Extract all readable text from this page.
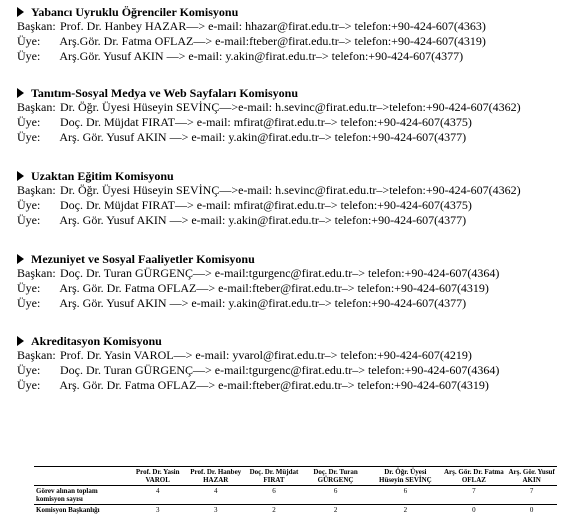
Yabancı Uyruklu Öğrenciler Komisyonu
Başkan: Prof. Dr. Hanbey HAZAR—> e-mail: hhazar@firat.edu.tr–> telefon:+90-424-607(4363)
Üye: Arş.Gör. Dr. Fatma OFLAZ—> e-mail:fteber@firat.edu.tr–> telefon:+90-424-607(4319)
Üye: Arş.Gör. Yusuf AKIN —> e-mail: y.akin@firat.edu.tr–> telefon:+90-424-607(4377)
Tanıtım-Sosyal Medya ve Web Sayfaları Komisyonu
Başkan: Dr. Öğr. Üyesi Hüseyin SEVİNÇ—>e-mail: h.sevinc@firat.edu.tr–>telefon:+90-424-607(4362)
Üye: Doç. Dr. Müjdat FIRAT—> e-mail: mfirat@firat.edu.tr–> telefon:+90-424-607(4375)
Üye: Arş. Gör. Yusuf AKIN —> e-mail: y.akin@firat.edu.tr–> telefon:+90-424-607(4377)
Uzaktan Eğitim Komisyonu
Başkan: Dr. Öğr. Üyesi Hüseyin SEVİNÇ—>e-mail: h.sevinc@firat.edu.tr–>telefon:+90-424-607(4362)
Üye: Doç. Dr. Müjdat FIRAT—> e-mail: mfirat@firat.edu.tr–> telefon:+90-424-607(4375)
Üye: Arş. Gör. Yusuf AKIN —> e-mail: y.akin@firat.edu.tr–> telefon:+90-424-607(4377)
Mezuniyet ve Sosyal Faaliyetler Komisyonu
Başkan: Doç. Dr. Turan GÜRGENÇ—> e-mail:tgurgenc@firat.edu.tr–> telefon:+90-424-607(4364)
Üye: Arş. Gör. Dr. Fatma OFLAZ—> e-mail:fteber@firat.edu.tr–> telefon:+90-424-607(4319)
Üye: Arş. Gör. Yusuf AKIN —> e-mail: y.akin@firat.edu.tr–> telefon:+90-424-607(4377)
Akreditasyon Komisyonu
Başkan: Prof. Dr. Yasin VAROL—> e-mail: yvarol@firat.edu.tr–> telefon:+90-424-607(4219)
Üye: Doç. Dr. Turan GÜRGENÇ—> e-mail:tgurgenc@firat.edu.tr–> telefon:+90-424-607(4364)
Üye: Arş. Gör. Dr. Fatma OFLAZ—> e-mail:fteber@firat.edu.tr–> telefon:+90-424-607(4319)
	Prof. Dr. Yasin VAROL	Prof. Dr. Hanbey HAZAR	Doç. Dr. Müjdat FIRAT	Doç. Dr. Turan GÜRGENÇ	Dr. Öğr. Üyesi Hüseyin SEVİNÇ	Arş. Gör. Dr. Fatma OFLAZ	Arş. Gör. Yusuf AKIN
Görev alınan toplam komisyon sayısı	4	4	6	6	6	7	7
Komisyon Başkanlığı	3	3	2	2	2	0	0
